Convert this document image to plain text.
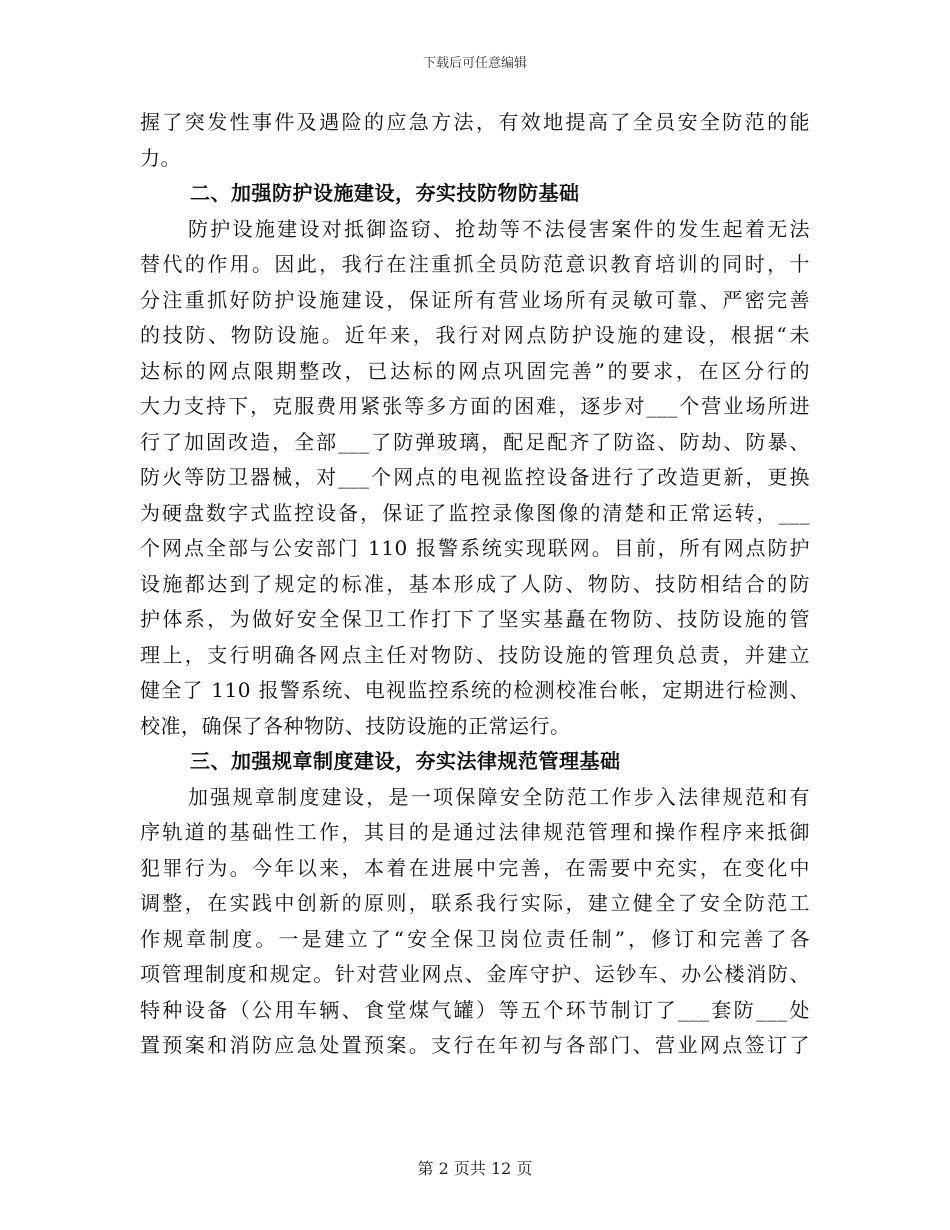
下载后可任意编辑
握了突发性事件及遇险的应急方法，有效地提高了全员安全防范的能
力。
二、加强防护设施建设，夯实技防物防基础
防护设施建设对抵御盗窃、抢劫等不法侵害案件的发生起着无法
替代的作用。因此，我行在注重抓全员防范意识教育培训的同时，十
分注重抓好防护设施建设，保证所有营业场所有灵敏可靠、严密完善
的技防、物防设施。近年来，我行对网点防护设施的建设，根据“未
达标的网点限期整改，已达标的网点巩固完善”的要求，在区分行的
大力支持下，克服费用紧张等多方面的困难，逐步对___个营业场所进
行了加固改造，全部___了防弹玻璃，配足配齐了防盗、防劫、防暴、
防火等防卫器械，对___个网点的电视监控设备进行了改造更新，更换
为硬盘数字式监控设备，保证了监控录像图像的清楚和正常运转，___
个网点全部与公安部门 110 报警系统实现联网。目前，所有网点防护
设施都达到了规定的标准，基本形成了人防、物防、技防相结合的防
护体系，为做好安全保卫工作打下了坚实基矗在物防、技防设施的管
理上，支行明确各网点主任对物防、技防设施的管理负总责，并建立
健全了 110 报警系统、电视监控系统的检测校准台帐，定期进行检测、
校准，确保了各种物防、技防设施的正常运行。
三、加强规章制度建设，夯实法律规范管理基础
加强规章制度建设，是一项保障安全防范工作步入法律规范和有
序轨道的基础性工作，其目的是通过法律规范管理和操作程序来抵御
犯罪行为。今年以来，本着在进展中完善，在需要中充实，在变化中
调整，在实践中创新的原则，联系我行实际，建立健全了安全防范工
作规章制度。一是建立了“安全保卫岗位责任制”，修订和完善了各
项管理制度和规定。针对营业网点、金库守护、运钞车、办公楼消防、
特种设备（公用车辆、食堂煤气罐）等五个环节制订了___套防___处
置预案和消防应急处置预案。支行在年初与各部门、营业网点签订了
第 2 页共 12 页
